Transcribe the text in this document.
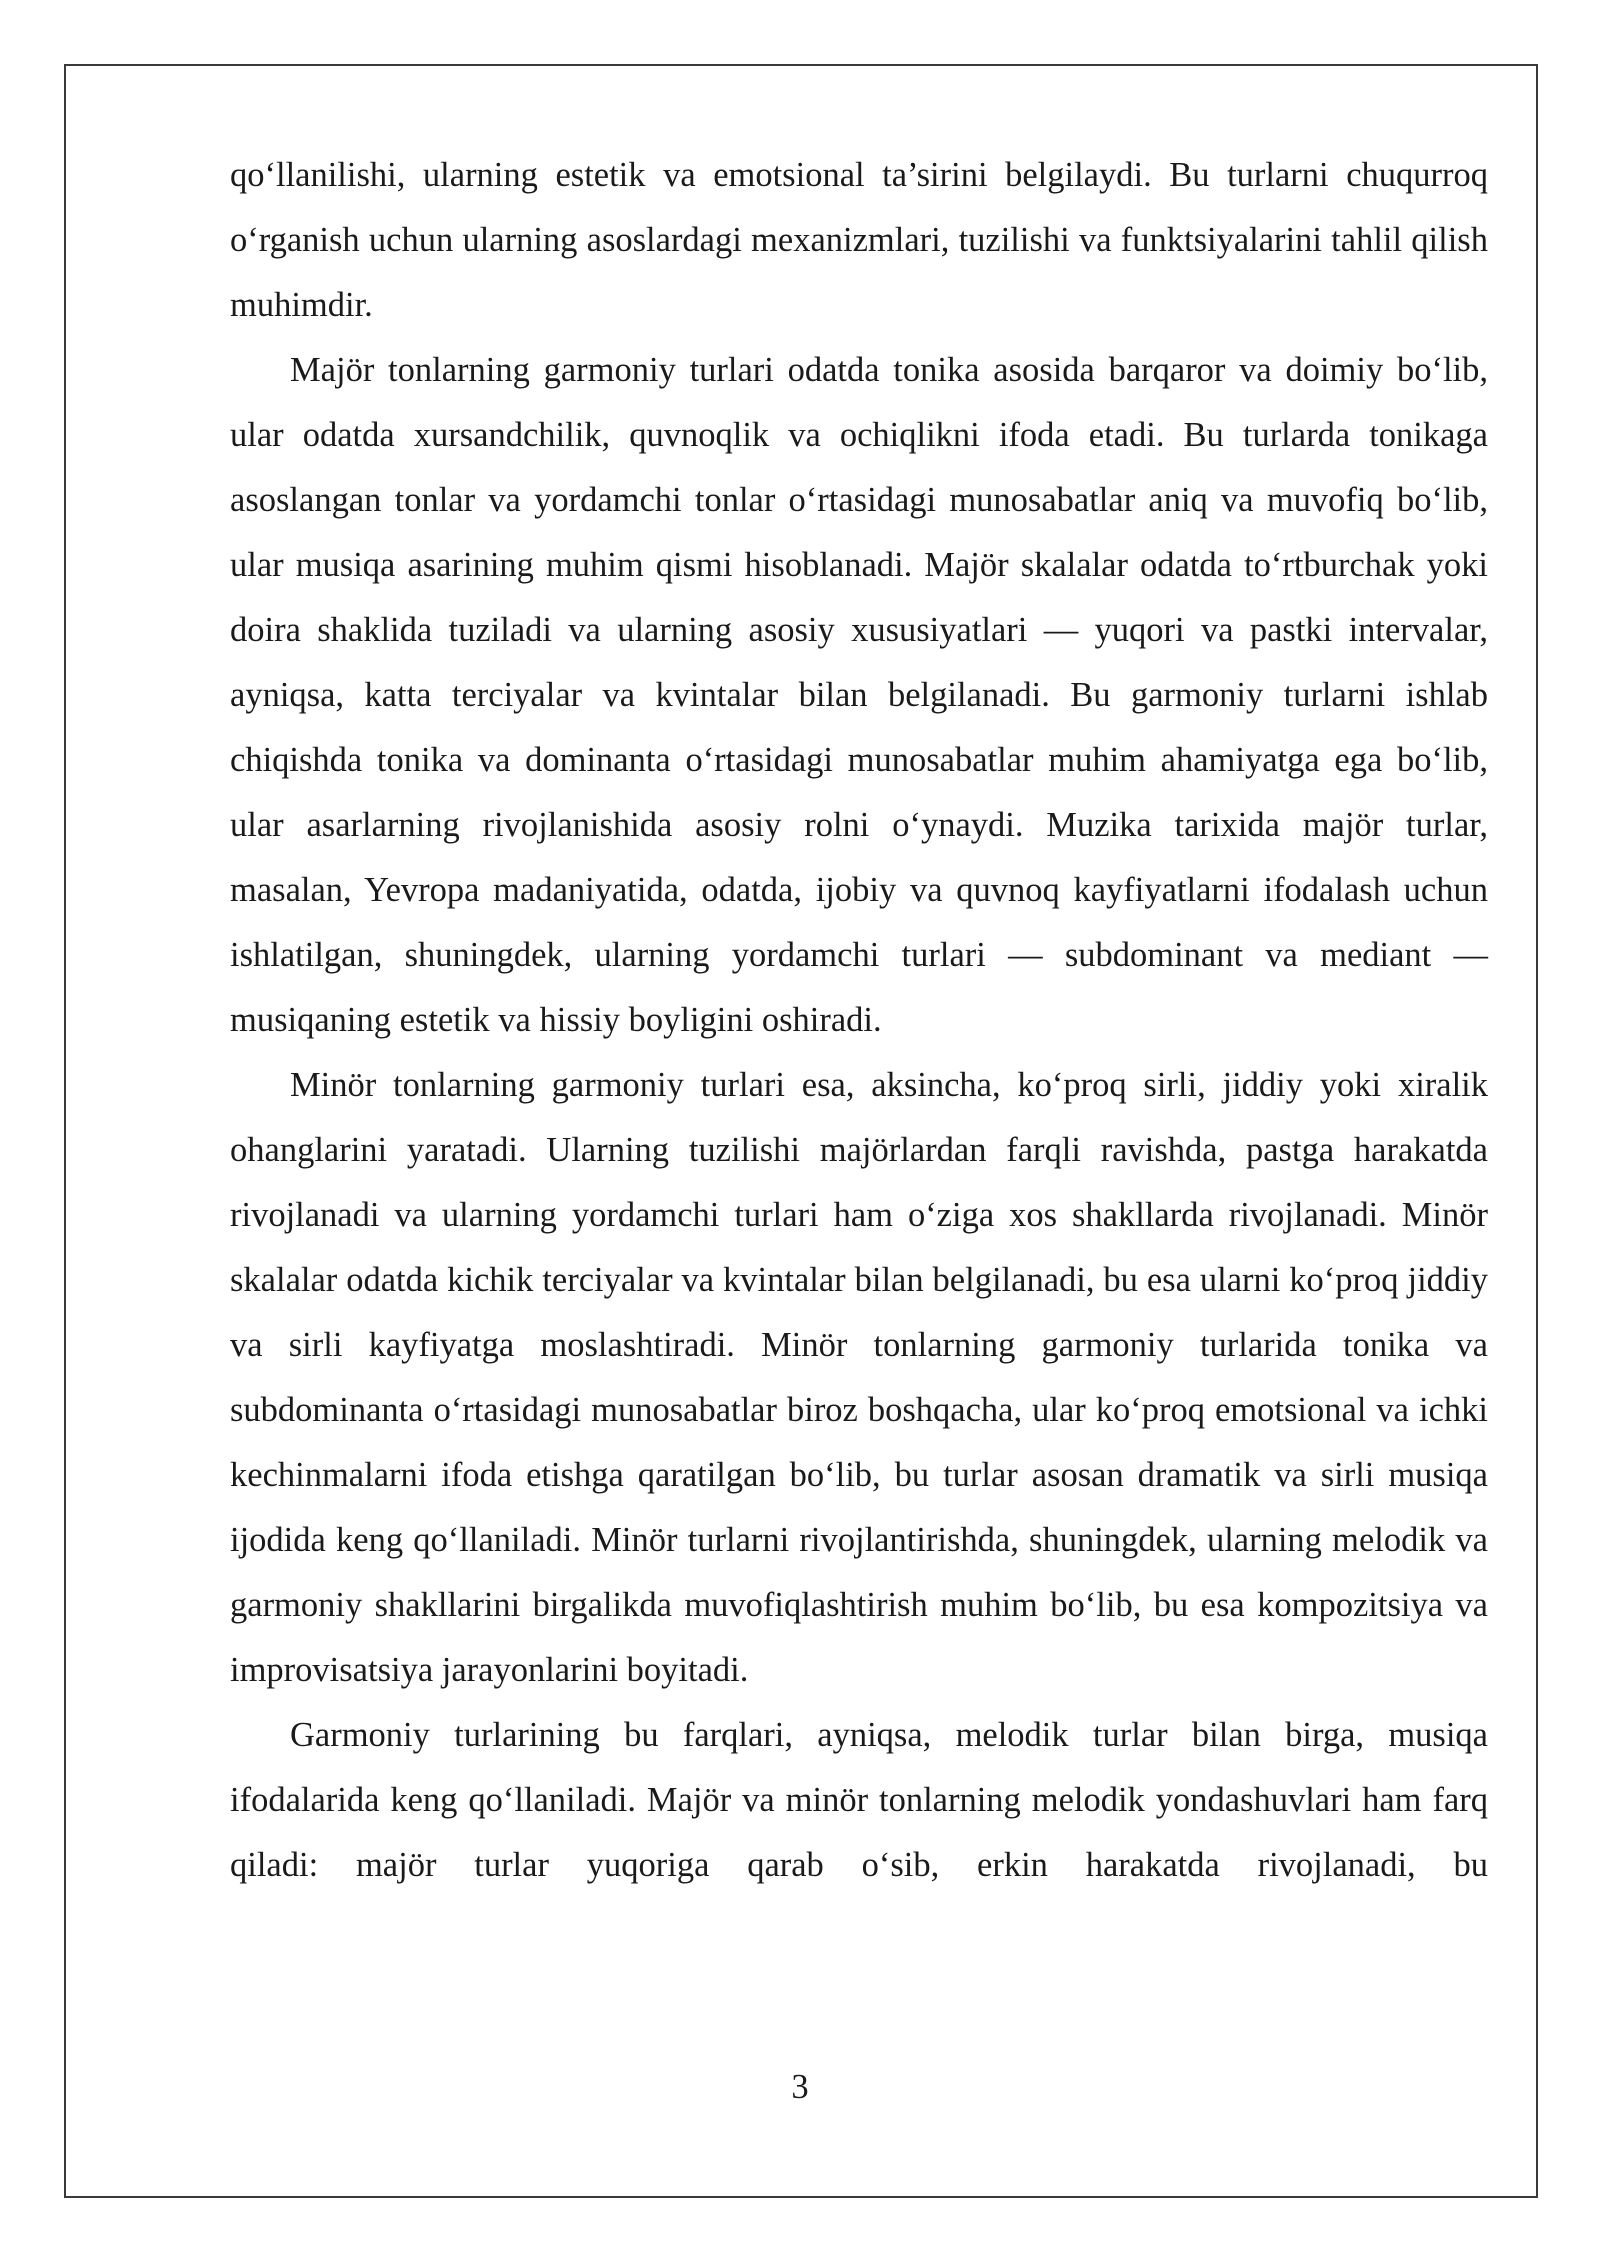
qo‘llanilishi, ularning estetik va emotsional ta’sirini belgilaydi. Bu turlarni chuqurroq o‘rganish uchun ularning asoslardagi mexanizmlari, tuzilishi va funktsiyalarini tahlil qilish muhimdir.

Majör tonlarning garmoniy turlari odatda tonika asosida barqaror va doimiy bo‘lib, ular odatda xursandchilik, quvnoqlik va ochiqlikni ifoda etadi. Bu turlarda tonikaga asoslangan tonlar va yordamchi tonlar o‘rtasidagi munosabatlar aniq va muvofiq bo‘lib, ular musiqa asarining muhim qismi hisoblanadi. Majör skalalar odatda to‘rtburchak yoki doira shaklida tuziladi va ularning asosiy xususiyatlari — yuqori va pastki intervalar, ayniqsa, katta terciyalar va kvintalar bilan belgilanadi. Bu garmoniy turlarni ishlab chiqishda tonika va dominanta o‘rtasidagi munosabatlar muhim ahamiyatga ega bo‘lib, ular asarlarning rivojlanishida asosiy rolni o‘ynaydi. Muzika tarixida majör turlar, masalan, Yevropa madaniyatida, odatda, ijobiy va quvnoq kayfiyatlarni ifodalash uchun ishlatilgan, shuningdek, ularning yordamchi turlari — subdominant va mediant — musiqaning estetik va hissiy boyligini oshiradi.

Minör tonlarning garmoniy turlari esa, aksincha, ko‘proq sirli, jiddiy yoki xiralik ohanglarini yaratadi. Ularning tuzilishi majörlardan farqli ravishda, pastga harakatda rivojlanadi va ularning yordamchi turlari ham o‘ziga xos shakllarda rivojlanadi. Minör skalalar odatda kichik terciyalar va kvintalar bilan belgilanadi, bu esa ularni ko‘proq jiddiy va sirli kayfiyatga moslashtiradi. Minör tonlarning garmoniy turlarida tonika va subdominanta o‘rtasidagi munosabatlar biroz boshqacha, ular ko‘proq emotsional va ichki kechinmalarni ifoda etishga qaratilgan bo‘lib, bu turlar asosan dramatik va sirli musiqa ijodida keng qo‘llaniladi. Minör turlarni rivojlantirishda, shuningdek, ularning melodik va garmoniy shakllarini birgalikda muvofiqlashtirish muhim bo‘lib, bu esa kompozitsiya va improvisatsiya jarayonlarini boyitadi.

Garmoniy turlarining bu farqlari, ayniqsa, melodik turlar bilan birga, musiqa ifodalarida keng qo‘llaniladi. Majör va minör tonlarning melodik yondashuvlari ham farq qiladi: majör turlar yuqoriga qarab o‘sib, erkin harakatda rivojlanadi, bu

3
